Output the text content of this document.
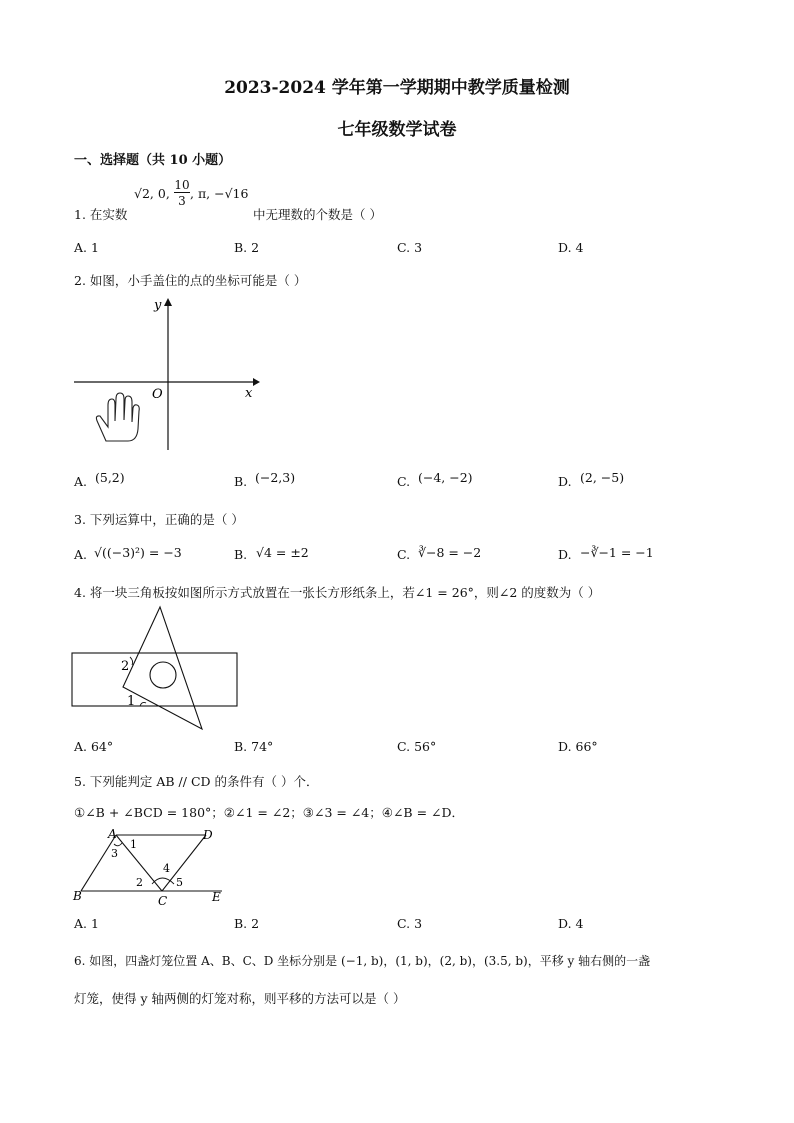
2023-2024 学年第一学期期中教学质量检测
七年级数学试卷
一、选择题（共 10 小题）
1. 在实数
√2, 0,
10
3 , π, −√16
中无理数的个数是（ ）
A. 1	B. 2	C. 3	D. 4
2. 如图，小手盖住的点的坐标可能是（ ）
x
y
O
A. (5,2)	B. (−2,3)	C. (−4, −2)	D. (2, −5)
3. 下列运算中，正确的是（ ）
A. √((−3)²) = −3	B. √4 = ±2	C. ∛−8 = −2	D. −∛−1 = −1
4. 将一块三角板按如图所示方式放置在一张长方形纸条上，若∠1 = 26°，则∠2 的度数为（ ）
2
1
A. 64°	B. 74°	C. 56°	D. 66°
5. 下列能判定 AB // CD 的条件有（ ）个．
①∠B + ∠BCD = 180°；②∠1 = ∠2；③∠3 = ∠4；④∠B = ∠D．
A
B	C
D
E
1
2
3
4
5
A. 1	B. 2	C. 3	D. 4
6. 如图，四盏灯笼位置 A、B、C、D 坐标分别是 (−1, b)，(1, b)，(2, b)，(3.5, b)，平移 y 轴右侧的一盏
灯笼，使得 y 轴两侧的灯笼对称，则平移的方法可以是（ ）
